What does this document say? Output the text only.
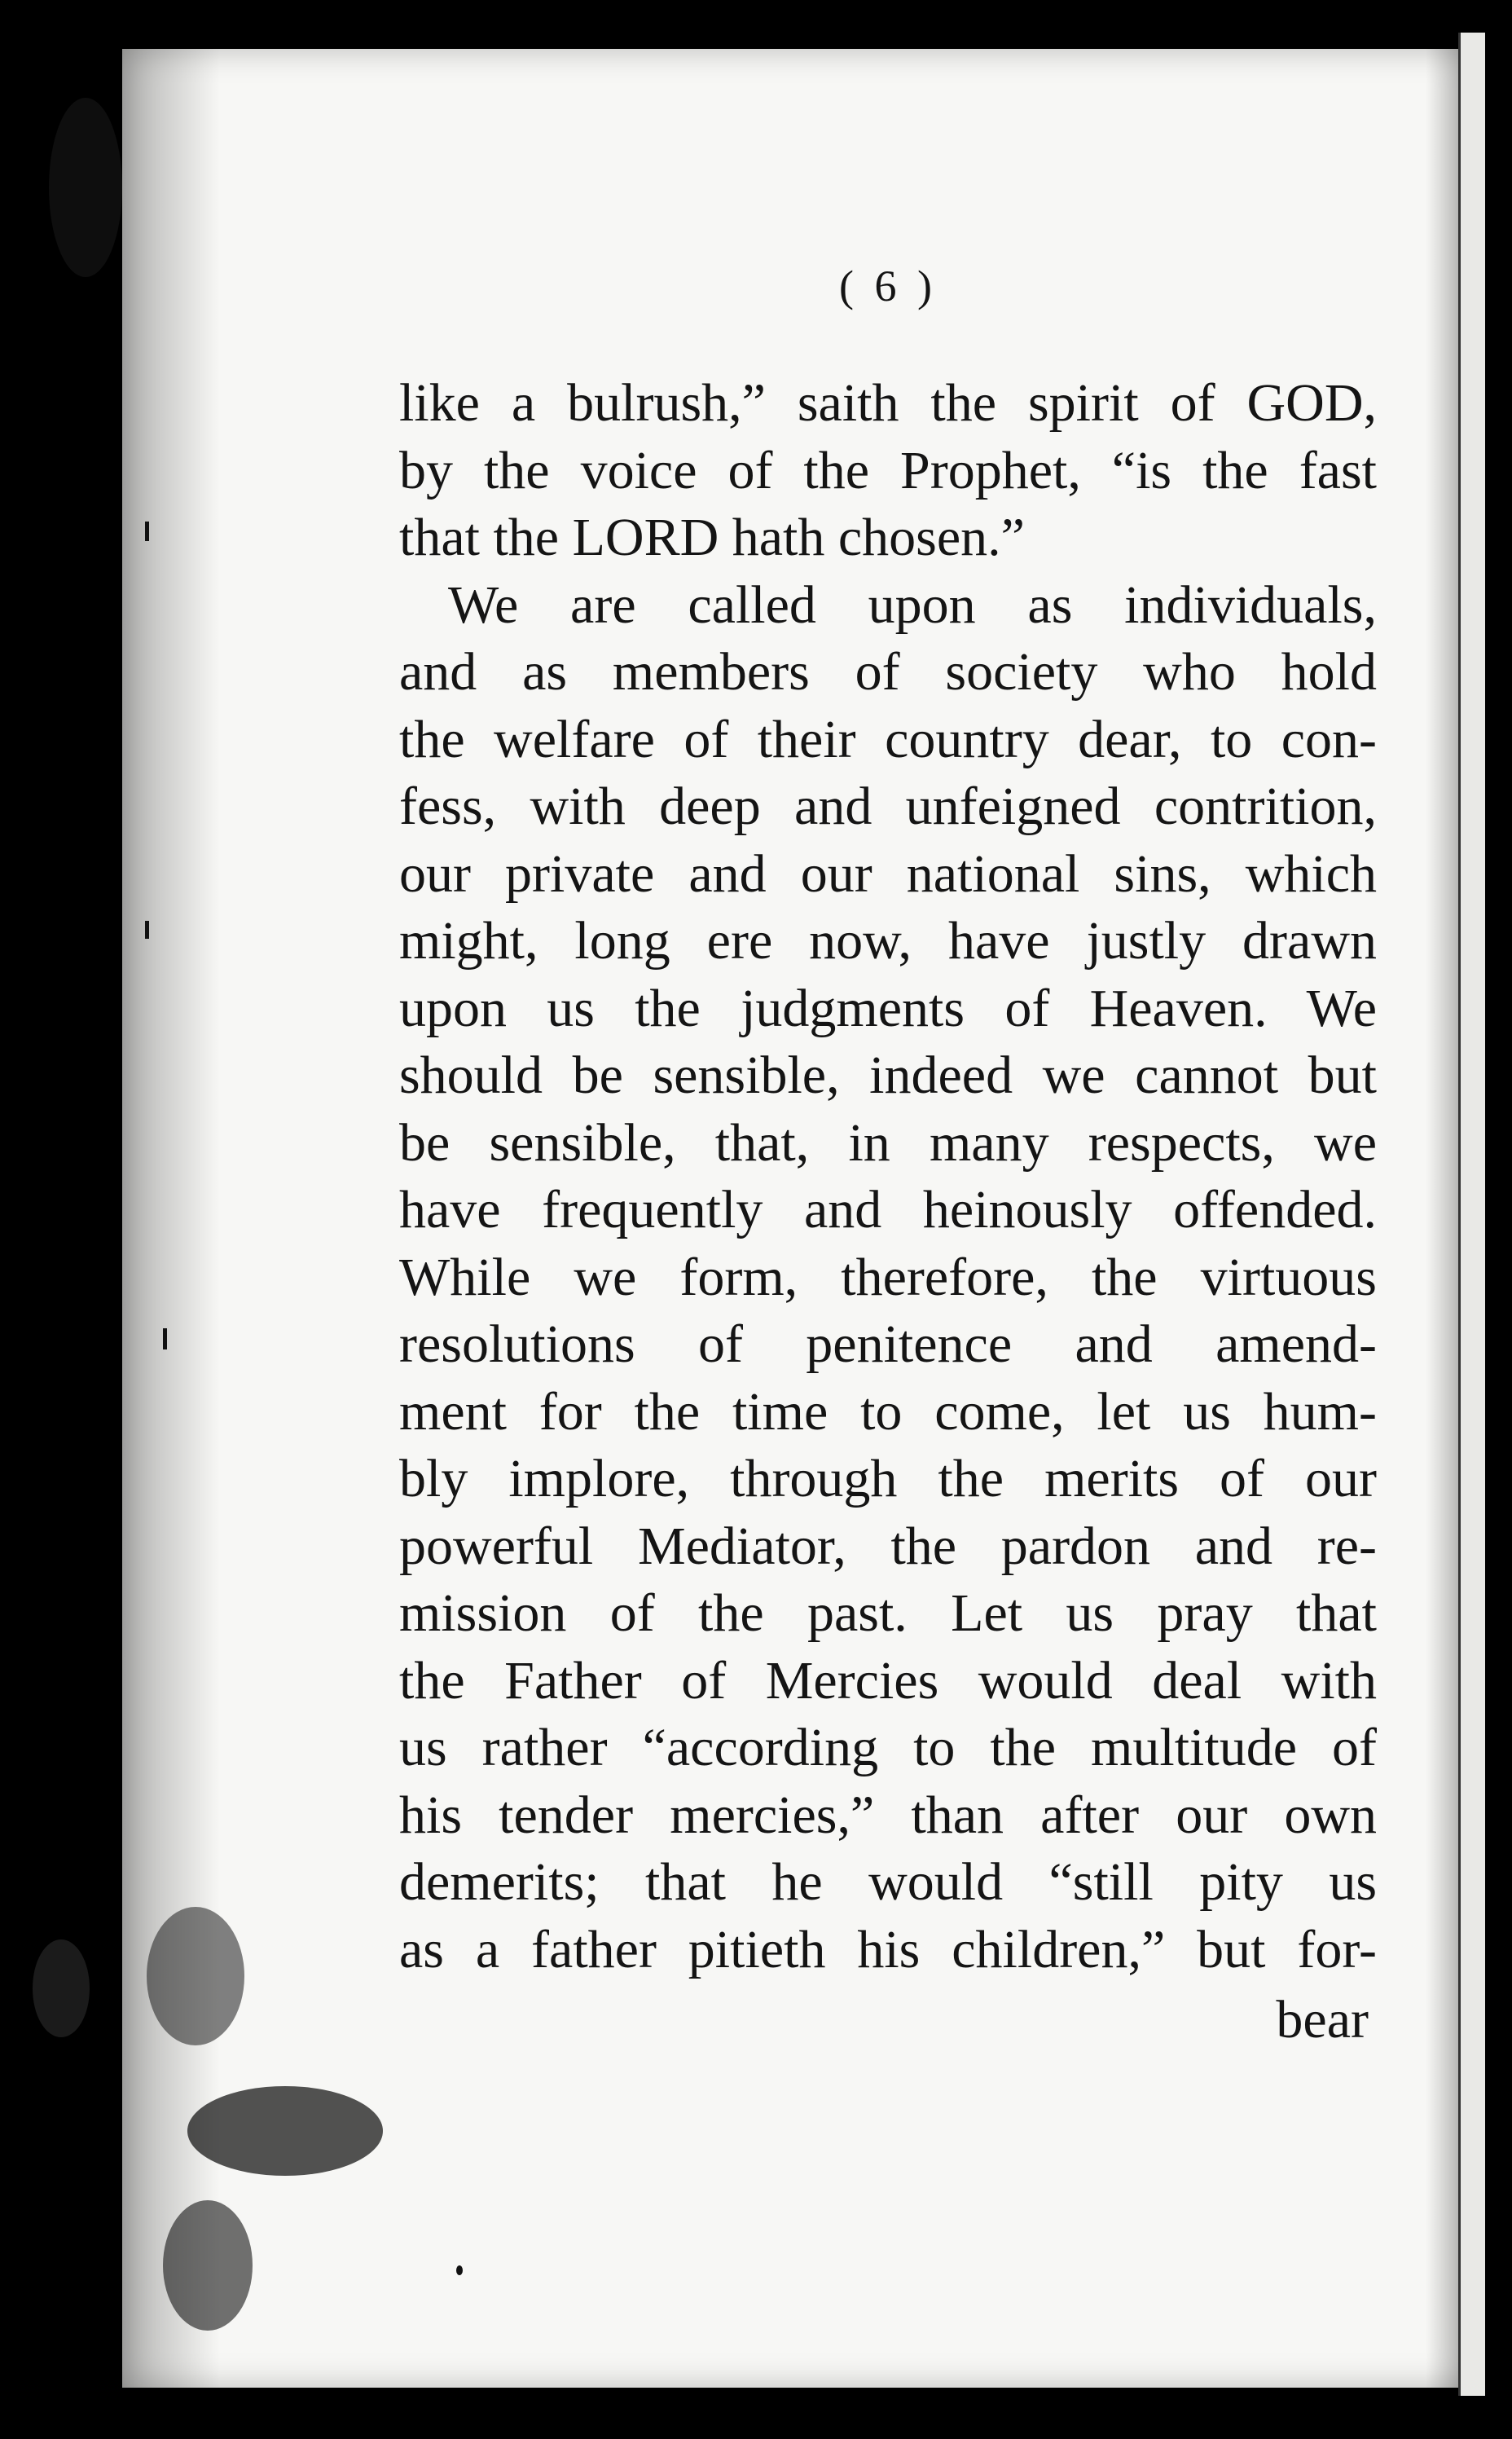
( 6 )
like a bulrush,” saith the spirit of GOD,
by the voice of the Prophet, “is the fast
that the LORD hath chosen.”
We are called upon as individuals,
and as members of society who hold
the welfare of their country dear, to con-
fess, with deep and unfeigned contrition,
our private and our national sins, which
might, long ere now, have justly drawn
upon us the judgments of Heaven. We
should be sensible, indeed we cannot but
be sensible, that, in many respects, we
have frequently and heinously offended.
While we form, therefore, the virtuous
resolutions of penitence and amend-
ment for the time to come, let us hum-
bly implore, through the merits of our
powerful Mediator, the pardon and re-
mission of the past. Let us pray that
the Father of Mercies would deal with
us rather “according to the multitude of
his tender mercies,” than after our own
demerits; that he would “still pity us
as a father pitieth his children,” but for-
bear
